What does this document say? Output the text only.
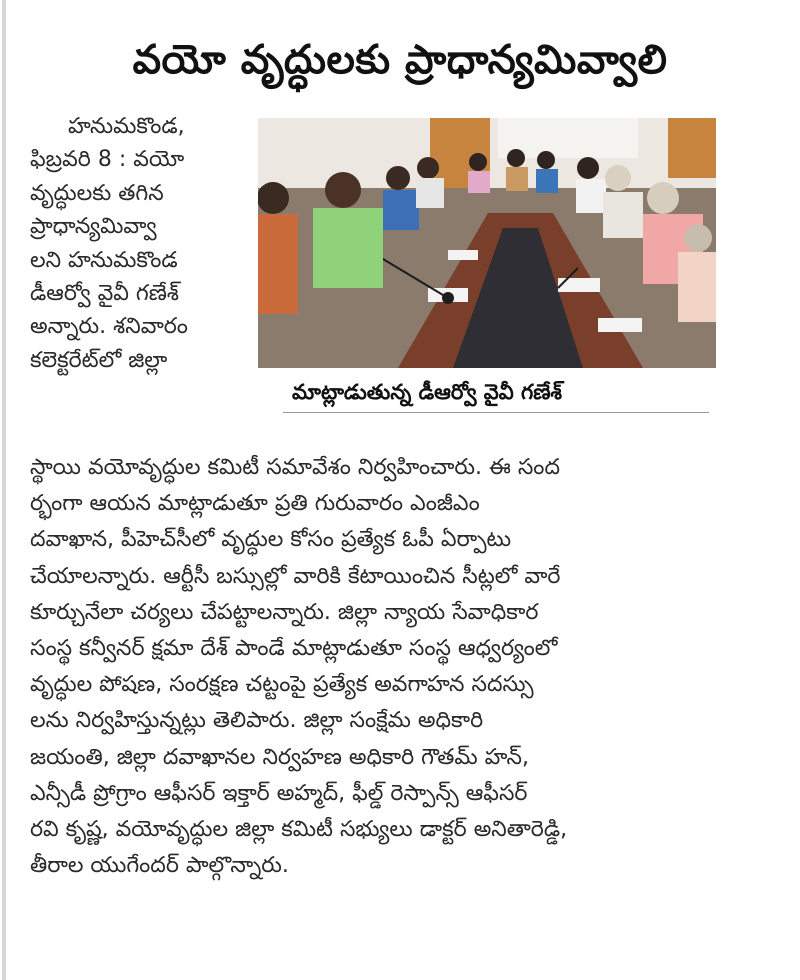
వయో వృద్ధులకు ప్రాధాన్యమివ్వాలి
హనుమకొండ,
ఫిబ్రవరి 8 : వయో
వృద్ధులకు తగిన
ప్రాధాన్యమివ్వా
లని హనుమకొండ
డీఆర్వో వైవీ గణేశ్
అన్నారు. శనివారం
కలెక్టరేట్‌లో జిల్లా
మాట్లాడుతున్న డీఆర్వో వైవీ గణేశ్
స్థాయి వయోవృద్ధుల కమిటీ సమావేశం నిర్వహించారు. ఈ సంద
ర్భంగా ఆయన మాట్లాడుతూ ప్రతి గురువారం ఎంజీఎం
దవాఖాన, పీహెచ్‌సీలో వృద్ధుల కోసం ప్రత్యేక ఓపీ ఏర్పాటు
చేయాలన్నారు. ఆర్టీసీ బస్సుల్లో వారికి కేటాయించిన సీట్లలో వారే
కూర్చునేలా చర్యలు చేపట్టాలన్నారు. జిల్లా న్యాయ సేవాధికార
సంస్థ కన్వీనర్ క్షమా దేశ్ పాండే మాట్లాడుతూ సంస్థ ఆధ్వర్యంలో
వృద్ధుల పోషణ, సంరక్షణ చట్టంపై ప్రత్యేక అవగాహన సదస్సు
లను నిర్వహిస్తున్నట్లు తెలిపారు. జిల్లా సంక్షేమ అధికారి
జయంతి, జిల్లా దవాఖానల నిర్వహణ అధికారి గౌతమ్ హన్,
ఎన్సీడీ ప్రోగ్రాం ఆఫీసర్ ఇక్తార్ అహ్మద్, ఫీల్డ్ రెస్పాన్స్ ఆఫీసర్
రవి కృష్ణ, వయోవృద్ధుల జిల్లా కమిటీ సభ్యులు డాక్టర్ అనితారెడ్డి,
తీరాల యుగేందర్ పాల్గొన్నారు.
